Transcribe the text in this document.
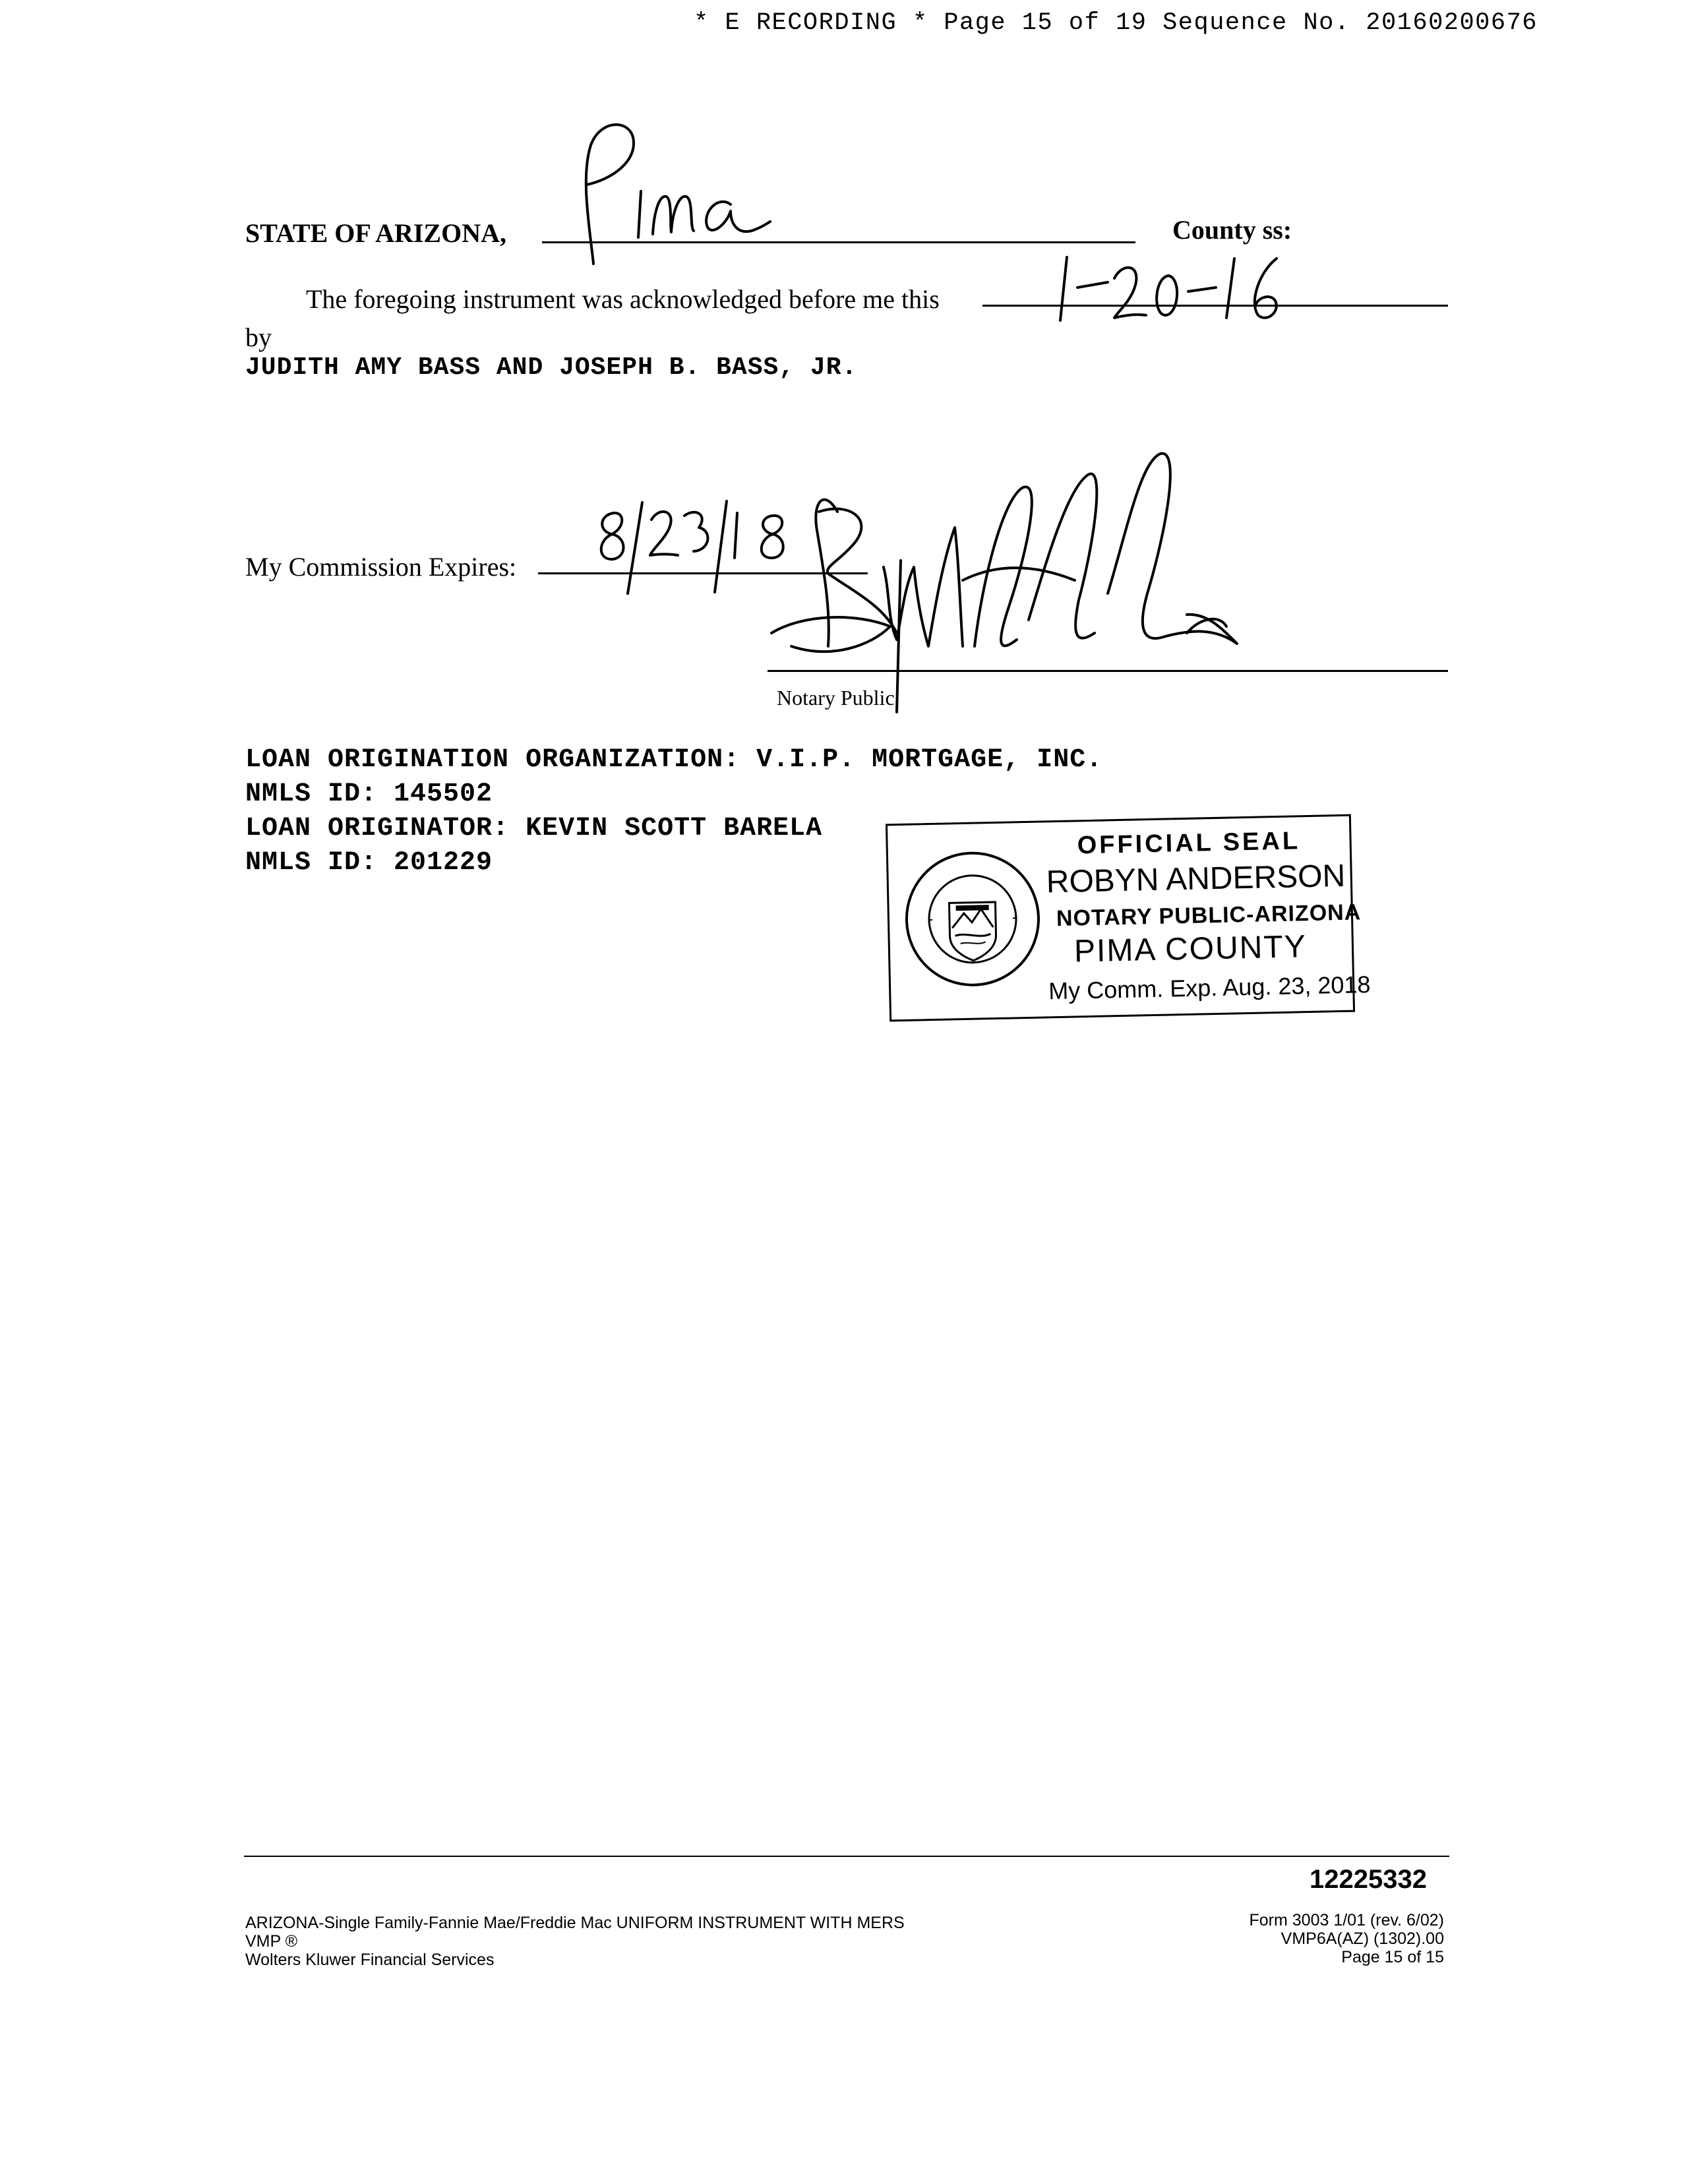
* E RECORDING * Page 15 of 19 Sequence No. 20160200676
STATE OF ARIZONA,	County ss:
The foregoing instrument was acknowledged before me this
by
JUDITH AMY BASS AND JOSEPH B. BASS, JR.
My Commission Expires:
Notary Public
LOAN ORIGINATION ORGANIZATION: V.I.P. MORTGAGE, INC.
NMLS ID: 145502
LOAN ORIGINATOR: KEVIN SCOTT BARELA
NMLS ID: 201229
OFFICIAL SEAL
ROBYN ANDERSON
NOTARY PUBLIC-ARIZONA
PIMA COUNTY
My Comm. Exp. Aug. 23, 2018
12225332
ARIZONA-Single Family-Fannie Mae/Freddie Mac UNIFORM INSTRUMENT WITH MERS
VMP ®
Wolters Kluwer Financial Services
Form 3003 1/01 (rev. 6/02)
VMP6A(AZ) (1302).00
Page 15 of 15
